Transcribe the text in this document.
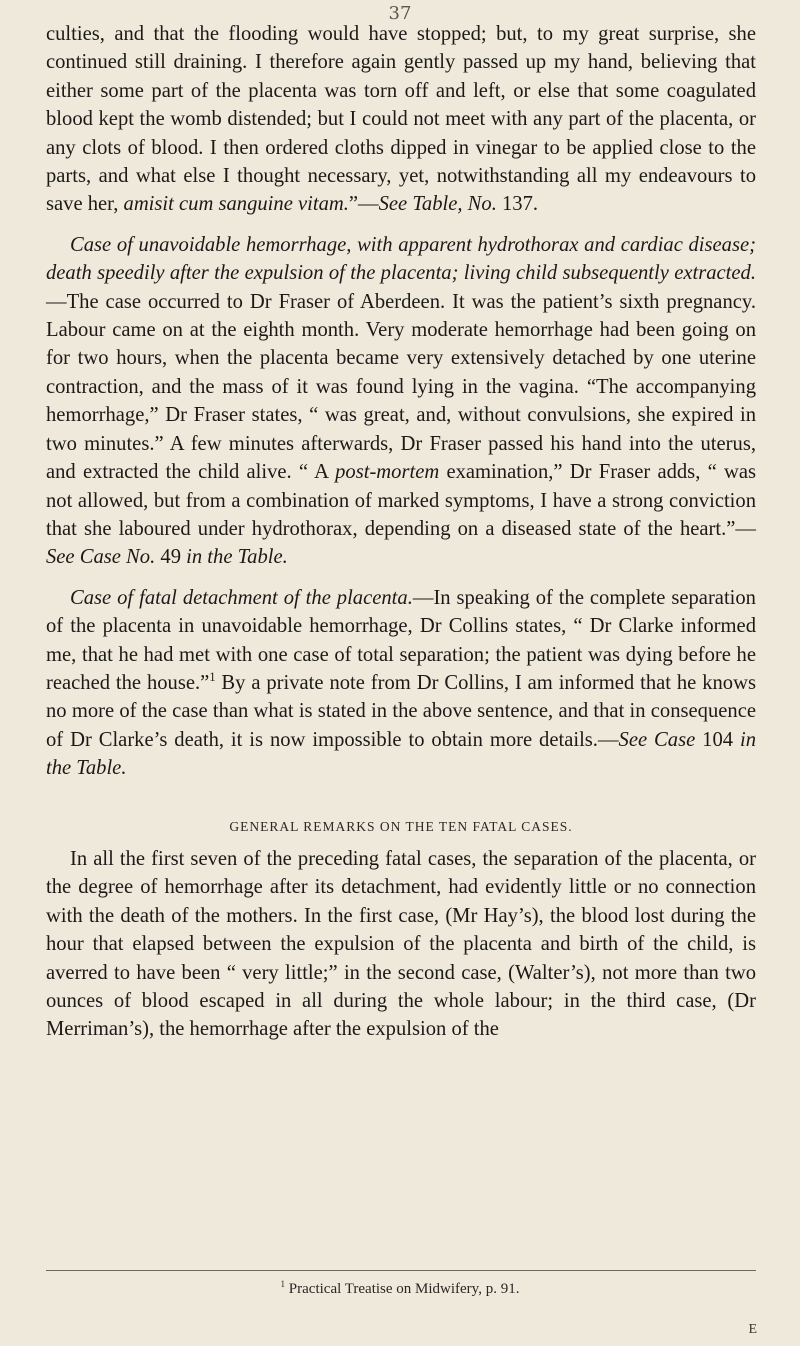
37

culties, and that the flooding would have stopped; but, to my great surprise, she continued still draining. I therefore again gently passed up my hand, believing that either some part of the placenta was torn off and left, or else that some coagulated blood kept the womb distended; but I could not meet with any part of the placenta, or any clots of blood. I then ordered cloths dipped in vinegar to be applied close to the parts, and what else I thought necessary, yet, notwithstanding all my endeavours to save her, amisit cum sanguine vitam.”—See Table, No. 137.

Case of unavoidable hemorrhage, with apparent hydrothorax and cardiac disease; death speedily after the expulsion of the placenta; living child subsequently extracted.—The case occurred to Dr Fraser of Aberdeen. It was the patient’s sixth pregnancy. Labour came on at the eighth month. Very moderate hemorrhage had been going on for two hours, when the placenta became very extensively detached by one uterine contraction, and the mass of it was found lying in the vagina. “The accompanying hemorrhage,” Dr Fraser states, “ was great, and, without convulsions, she expired in two minutes.” A few minutes afterwards, Dr Fraser passed his hand into the uterus, and extracted the child alive. “ A post-mortem examination,” Dr Fraser adds, “ was not allowed, but from a combination of marked symptoms, I have a strong conviction that she laboured under hydrothorax, depending on a diseased state of the heart.”—See Case No. 49 in the Table.

Case of fatal detachment of the placenta.—In speaking of the complete separation of the placenta in unavoidable hemorrhage, Dr Collins states, “ Dr Clarke informed me, that he had met with one case of total separation; the patient was dying before he reached the house.”$^1$ By a private note from Dr Collins, I am informed that he knows no more of the case than what is stated in the above sentence, and that in consequence of Dr Clarke’s death, it is now impossible to obtain more details.—See Case 104 in the Table.

GENERAL REMARKS ON THE TEN FATAL CASES.

In all the first seven of the preceding fatal cases, the separation of the placenta, or the degree of hemorrhage after its detachment, had evidently little or no connection with the death of the mothers. In the first case, (Mr Hay’s), the blood lost during the hour that elapsed between the expulsion of the placenta and birth of the child, is averred to have been “ very little;” in the second case, (Walter’s), not more than two ounces of blood escaped in all during the whole labour; in the third case, (Dr Merriman’s), the hemorrhage after the expulsion of the

$^1$ Practical Treatise on Midwifery, p. 91.
E
